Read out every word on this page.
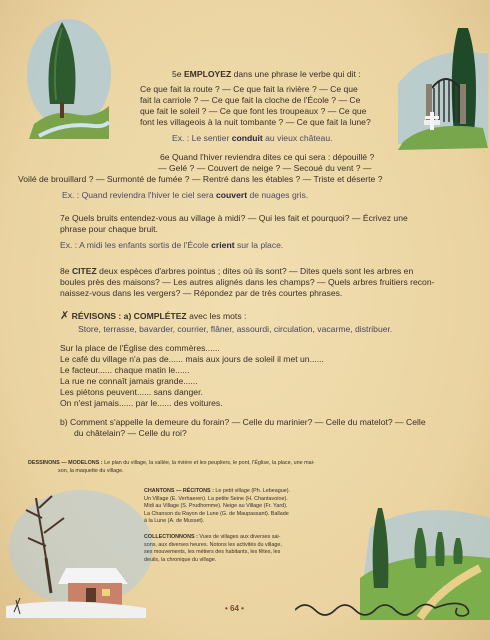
5e EMPLOYEZ dans une phrase le verbe qui dit :
Ce que fait la route ? — Ce que fait la rivière ? — Ce que
fait la carriole ? — Ce que fait la cloche de l'École ? — Ce
que fait le soleil ? — Ce que font les troupeaux ? — Ce que
font les villageois à la nuit tombante ? — Ce que fait la lune?
Ex. : Le sentier conduit au vieux château.
6e Quand l'hiver reviendra dites ce qui sera : dépouillé ?
— Gelé ? — Couvert de neige ? — Secoué du vent ? —
Voilé de brouillard ? — Surmonté de fumée ? — Rentré dans les étables ? — Triste et déserte ?
Ex. : Quand reviendra l'hiver le ciel sera couvert de nuages gris.
7e Quels bruits entendez-vous au village à midi? — Qui les fait et pourquoi? — Écrivez une
phrase pour chaque bruit.
Ex. : A midi les enfants sortis de l'École crient sur la place.
8e CITEZ deux espèces d'arbres pointus ; dites où ils sont? — Dites quels sont les arbres en
boules près des maisons? — Les autres alignés dans les champs? — Quels arbres fruitiers recon-
naissez-vous dans les vergers? — Répondez par de très courtes phrases.
✗ RÉVISONS : a) COMPLÉTEZ avec les mots :
Store, terrasse, bavarder, courrier, flâner, assourdi, circulation, vacarme, distribuer.
Sur la place de l'Église des commères......
Le café du village n'a pas de...... mais aux jours de soleil il met un......
Le facteur...... chaque matin le......
La rue ne connaît jamais grande......
Les piétons peuvent...... sans danger.
On n'est jamais...... par le...... des voitures.
b) Comment s'appelle la demeure du forain? — Celle du marinier? — Celle du matelot? — Celle
du châtelain? — Celle du roi?
DESSINONS — MODELONS : Le plan du village, la vallée, la rivière et les peupliers, le pont, l'Église, la place, une mai-
son, la maquette du village.
CHANTONS — RÉCITONS : Le petit village (Ph. Lebeague).
Un Village (E. Verhaeren). La petite Seine (H. Chantavoine).
Midi au Village (S. Prudhomme). Neige au Village (Fr. Yard).
La Chanson du Rayon de Lune (G. de Maupassant). Ballade
à la Lune (A. de Musset).
COLLECTIONNONS : Vues de villages aux diverses sai-
sons, aux diverses heures. Notons les activités du village,
ses mouvements, les métiers des habitants, les fêtes, les
deuils, la chronique du village.
• 64 •
